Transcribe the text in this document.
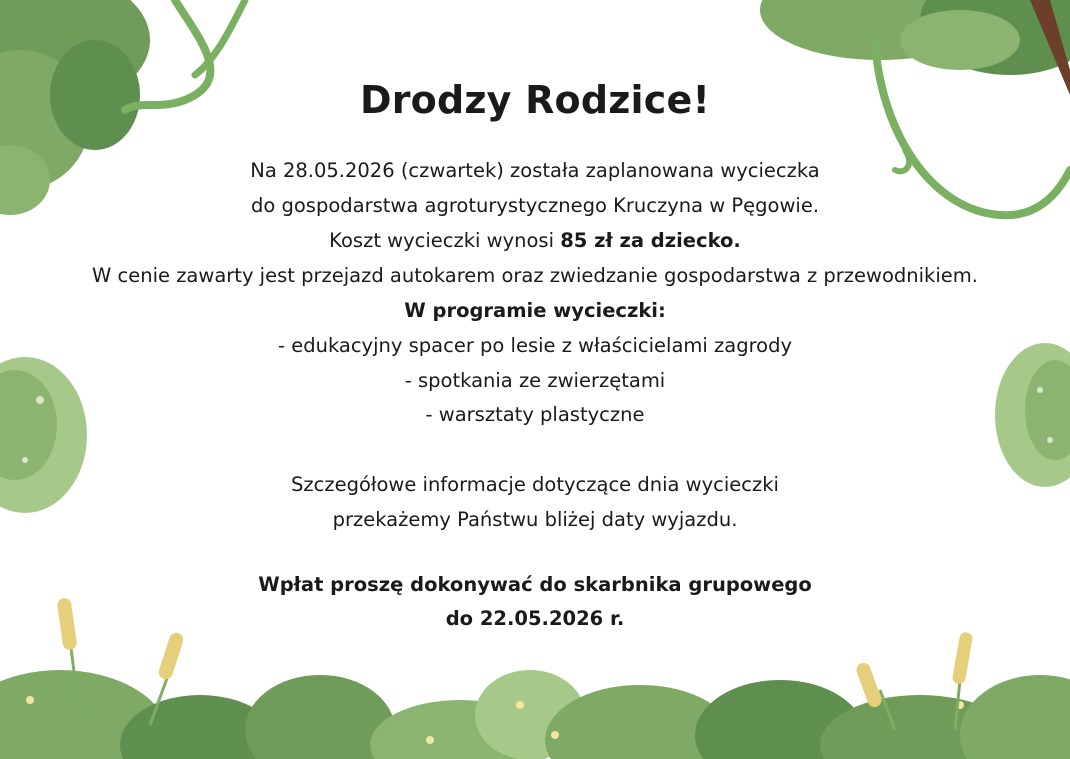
Drodzy Rodzice!
Na 28.05.2026 (czwartek) została zaplanowana wycieczka
do gospodarstwa agroturystycznego Kruczyna w Pęgowie.
Koszt wycieczki wynosi 85 zł za dziecko.
W cenie zawarty jest przejazd autokarem oraz zwiedzanie gospodarstwa z przewodnikiem.
W programie wycieczki:
- edukacyjny spacer po lesie z właścicielami zagrody
- spotkania ze zwierzętami
- warsztaty plastyczne
Szczegółowe informacje dotyczące dnia wycieczki
przekażemy Państwu bliżej daty wyjazdu.
Wpłat proszę dokonywać do skarbnika grupowego
do 22.05.2026 r.
